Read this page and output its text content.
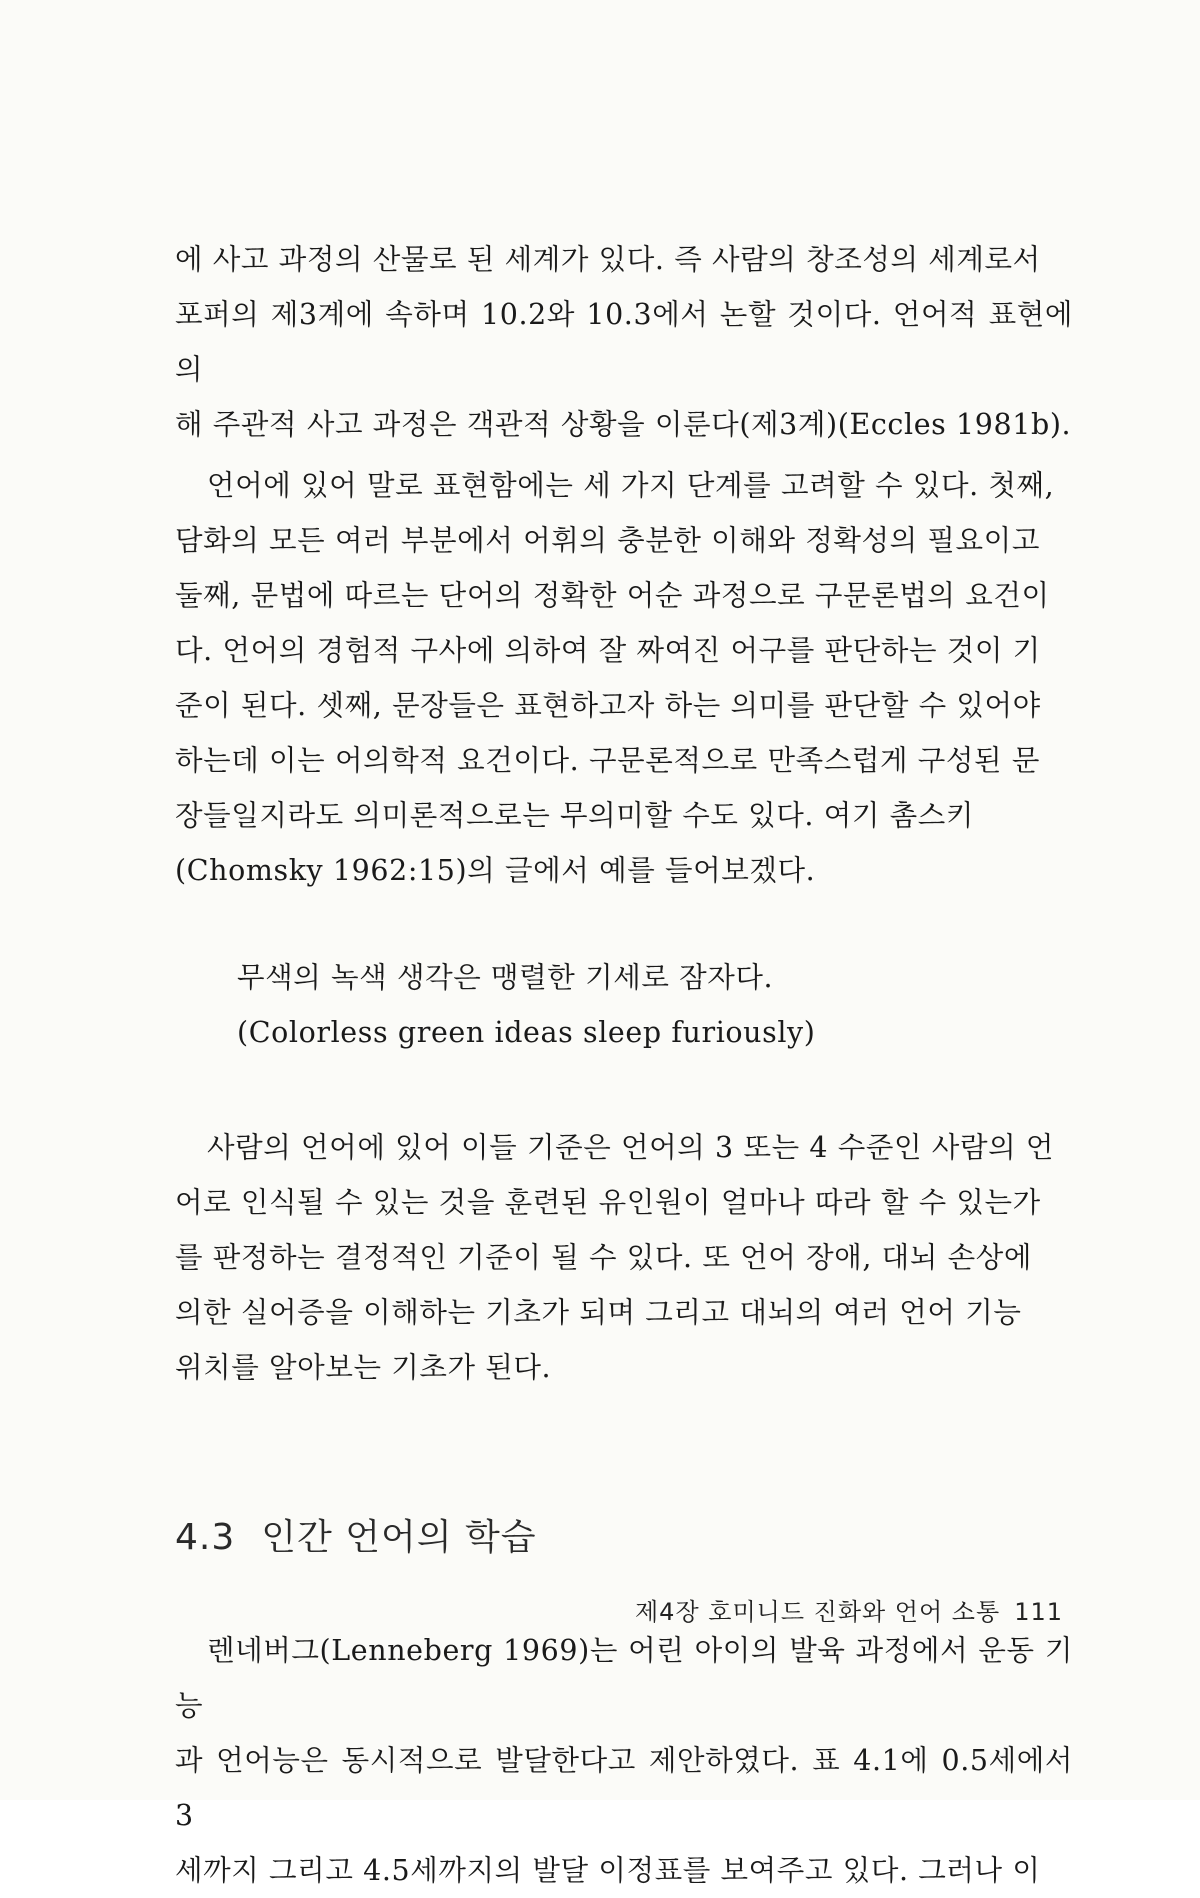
에 사고 과정의 산물로 된 세계가 있다. 즉 사람의 창조성의 세계로서
포퍼의 제3계에 속하며 10.2와 10.3에서 논할 것이다. 언어적 표현에 의
해 주관적 사고 과정은 객관적 상황을 이룬다(제3계)(Eccles 1981b).

언어에 있어 말로 표현함에는 세 가지 단계를 고려할 수 있다. 첫째,
담화의 모든 여러 부분에서 어휘의 충분한 이해와 정확성의 필요이고
둘째, 문법에 따르는 단어의 정확한 어순 과정으로 구문론법의 요건이
다. 언어의 경험적 구사에 의하여 잘 짜여진 어구를 판단하는 것이 기
준이 된다. 셋째, 문장들은 표현하고자 하는 의미를 판단할 수 있어야
하는데 이는 어의학적 요건이다. 구문론적으로 만족스럽게 구성된 문
장들일지라도 의미론적으로는 무의미할 수도 있다. 여기 촘스키
(Chomsky 1962:15)의 글에서 예를 들어보겠다.

무색의 녹색 생각은 맹렬한 기세로 잠자다.
(Colorless green ideas sleep furiously)

사람의 언어에 있어 이들 기준은 언어의 3 또는 4 수준인 사람의 언
어로 인식될 수 있는 것을 훈련된 유인원이 얼마나 따라 할 수 있는가
를 판정하는 결정적인 기준이 될 수 있다. 또 언어 장애, 대뇌 손상에
의한 실어증을 이해하는 기초가 되며 그리고 대뇌의 여러 언어 기능
위치를 알아보는 기초가 된다.

4.3 인간 언어의 학습

렌네버그(Lenneberg 1969)는 어린 아이의 발육 과정에서 운동 기능
과 언어능은 동시적으로 발달한다고 제안하였다. 표 4.1에 0.5세에서 3
세까지 그리고 4.5세까지의 발달 이정표를 보여주고 있다. 그러나 이

제4장 호미니드 진화와 언어 소통 111
